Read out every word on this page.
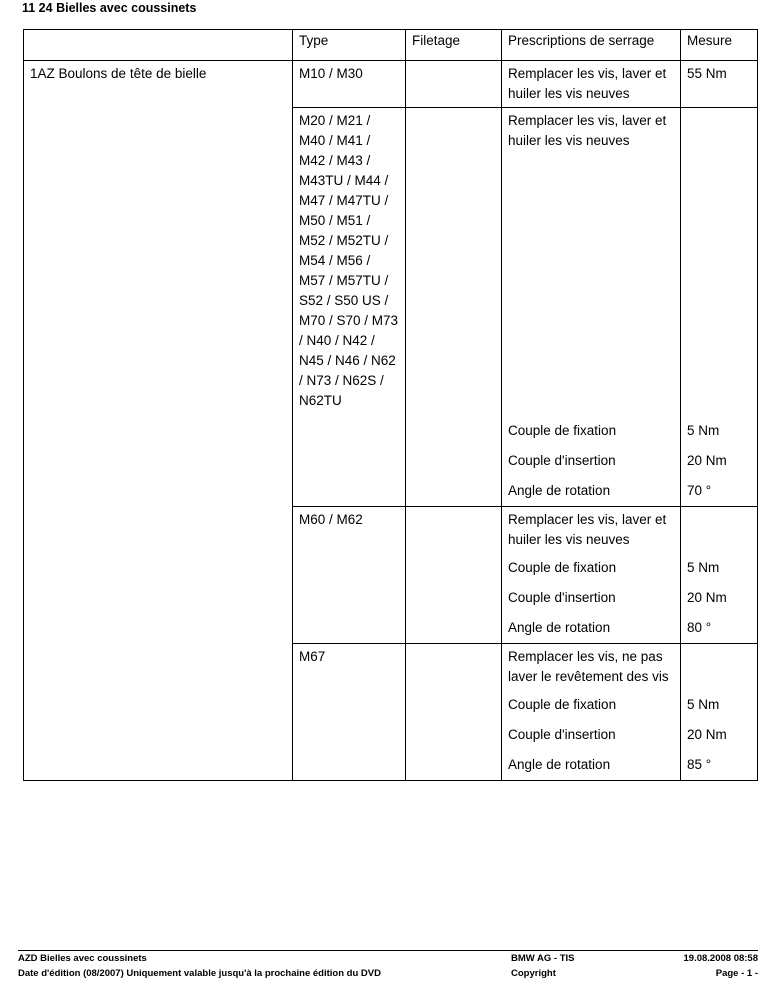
11 24 Bielles avec coussinets
	Type	Filetage	Prescriptions de serrage	Mesure
1AZ Boulons de tête de bielle	M10 / M30		Remplacer les vis, laver et huiler les vis neuves	55 Nm
	M20 / M21 / M40 / M41 / M42 / M43 / M43TU / M44 / M47 / M47TU / M50 / M51 / M52 / M52TU / M54 / M56 / M57 / M57TU / S52 / S50 US / M70 / S70 / M73 / N40 / N42 / N45 / N46 / N62 / N73 / N62S / N62TU		Remplacer les vis, laver et huiler les vis neuves	
			Couple de fixation	5 Nm
			Couple d'insertion	20 Nm
			Angle de rotation	70 °
	M60 / M62		Remplacer les vis, laver et huiler les vis neuves	
			Couple de fixation	5 Nm
			Couple d'insertion	20 Nm
			Angle de rotation	80 °
	M67		Remplacer les vis, ne pas laver le revêtement des vis	
			Couple de fixation	5 Nm
			Couple d'insertion	20 Nm
			Angle de rotation	85 °
AZD Bielles avec coussinets	BMW AG - TIS	19.08.2008 08:58
Date d'édition (08/2007) Uniquement valable jusqu'à la prochaine édition du DVD	Copyright	Page - 1 -
